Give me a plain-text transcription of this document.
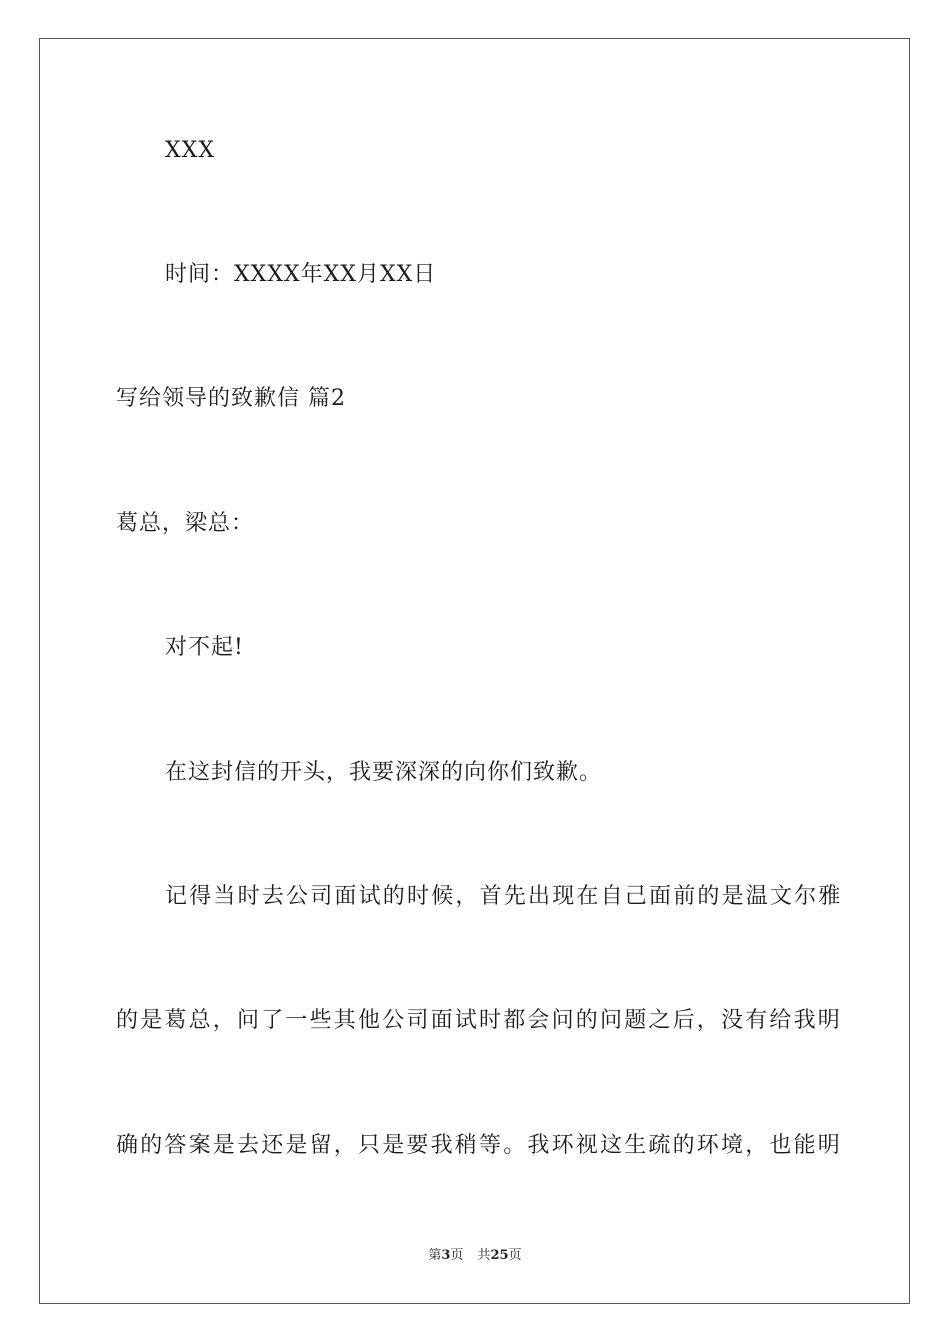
XXX
时间：XXXX年XX月XX日
写给领导的致歉信 篇2
葛总，梁总：
对不起!
在这封信的开头，我要深深的向你们致歉。
记得当时去公司面试的时候，首先出现在自己面前的是温文尔雅
的是葛总，问了一些其他公司面试时都会问的问题之后，没有给我明
确的答案是去还是留，只是要我稍等。我环视这生疏的环境，也能明
第3页 共25页
